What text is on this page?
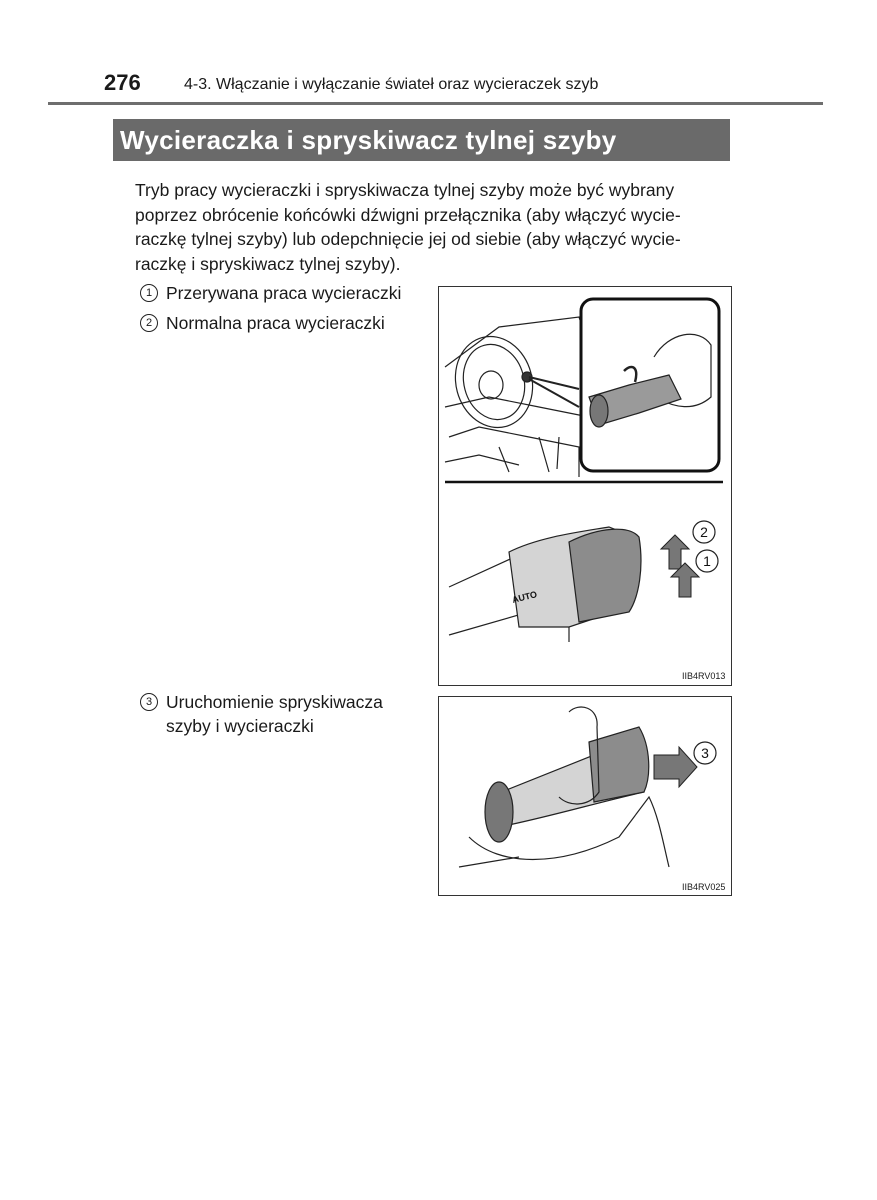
276	4-3. Włączanie i wyłączanie świateł oraz wycieraczek szyb
Wycieraczka i spryskiwacz tylnej szyby

Tryb pracy wycieraczki i spryskiwacza tylnej szyby może być wybrany
poprzez obrócenie końcówki dźwigni przełącznika (aby włączyć wycie-
raczkę tylnej szyby) lub odepchnięcie jej od siebie (aby włączyć wycie-
raczkę i spryskiwacz tylnej szyby).

1 Przerywana praca wycieraczki
2 Normalna praca wycieraczki
3 Uruchomienie spryskiwacza
szyby i wycieraczki
AUTO
2
1
IIB4RV013
3
IIB4RV025
